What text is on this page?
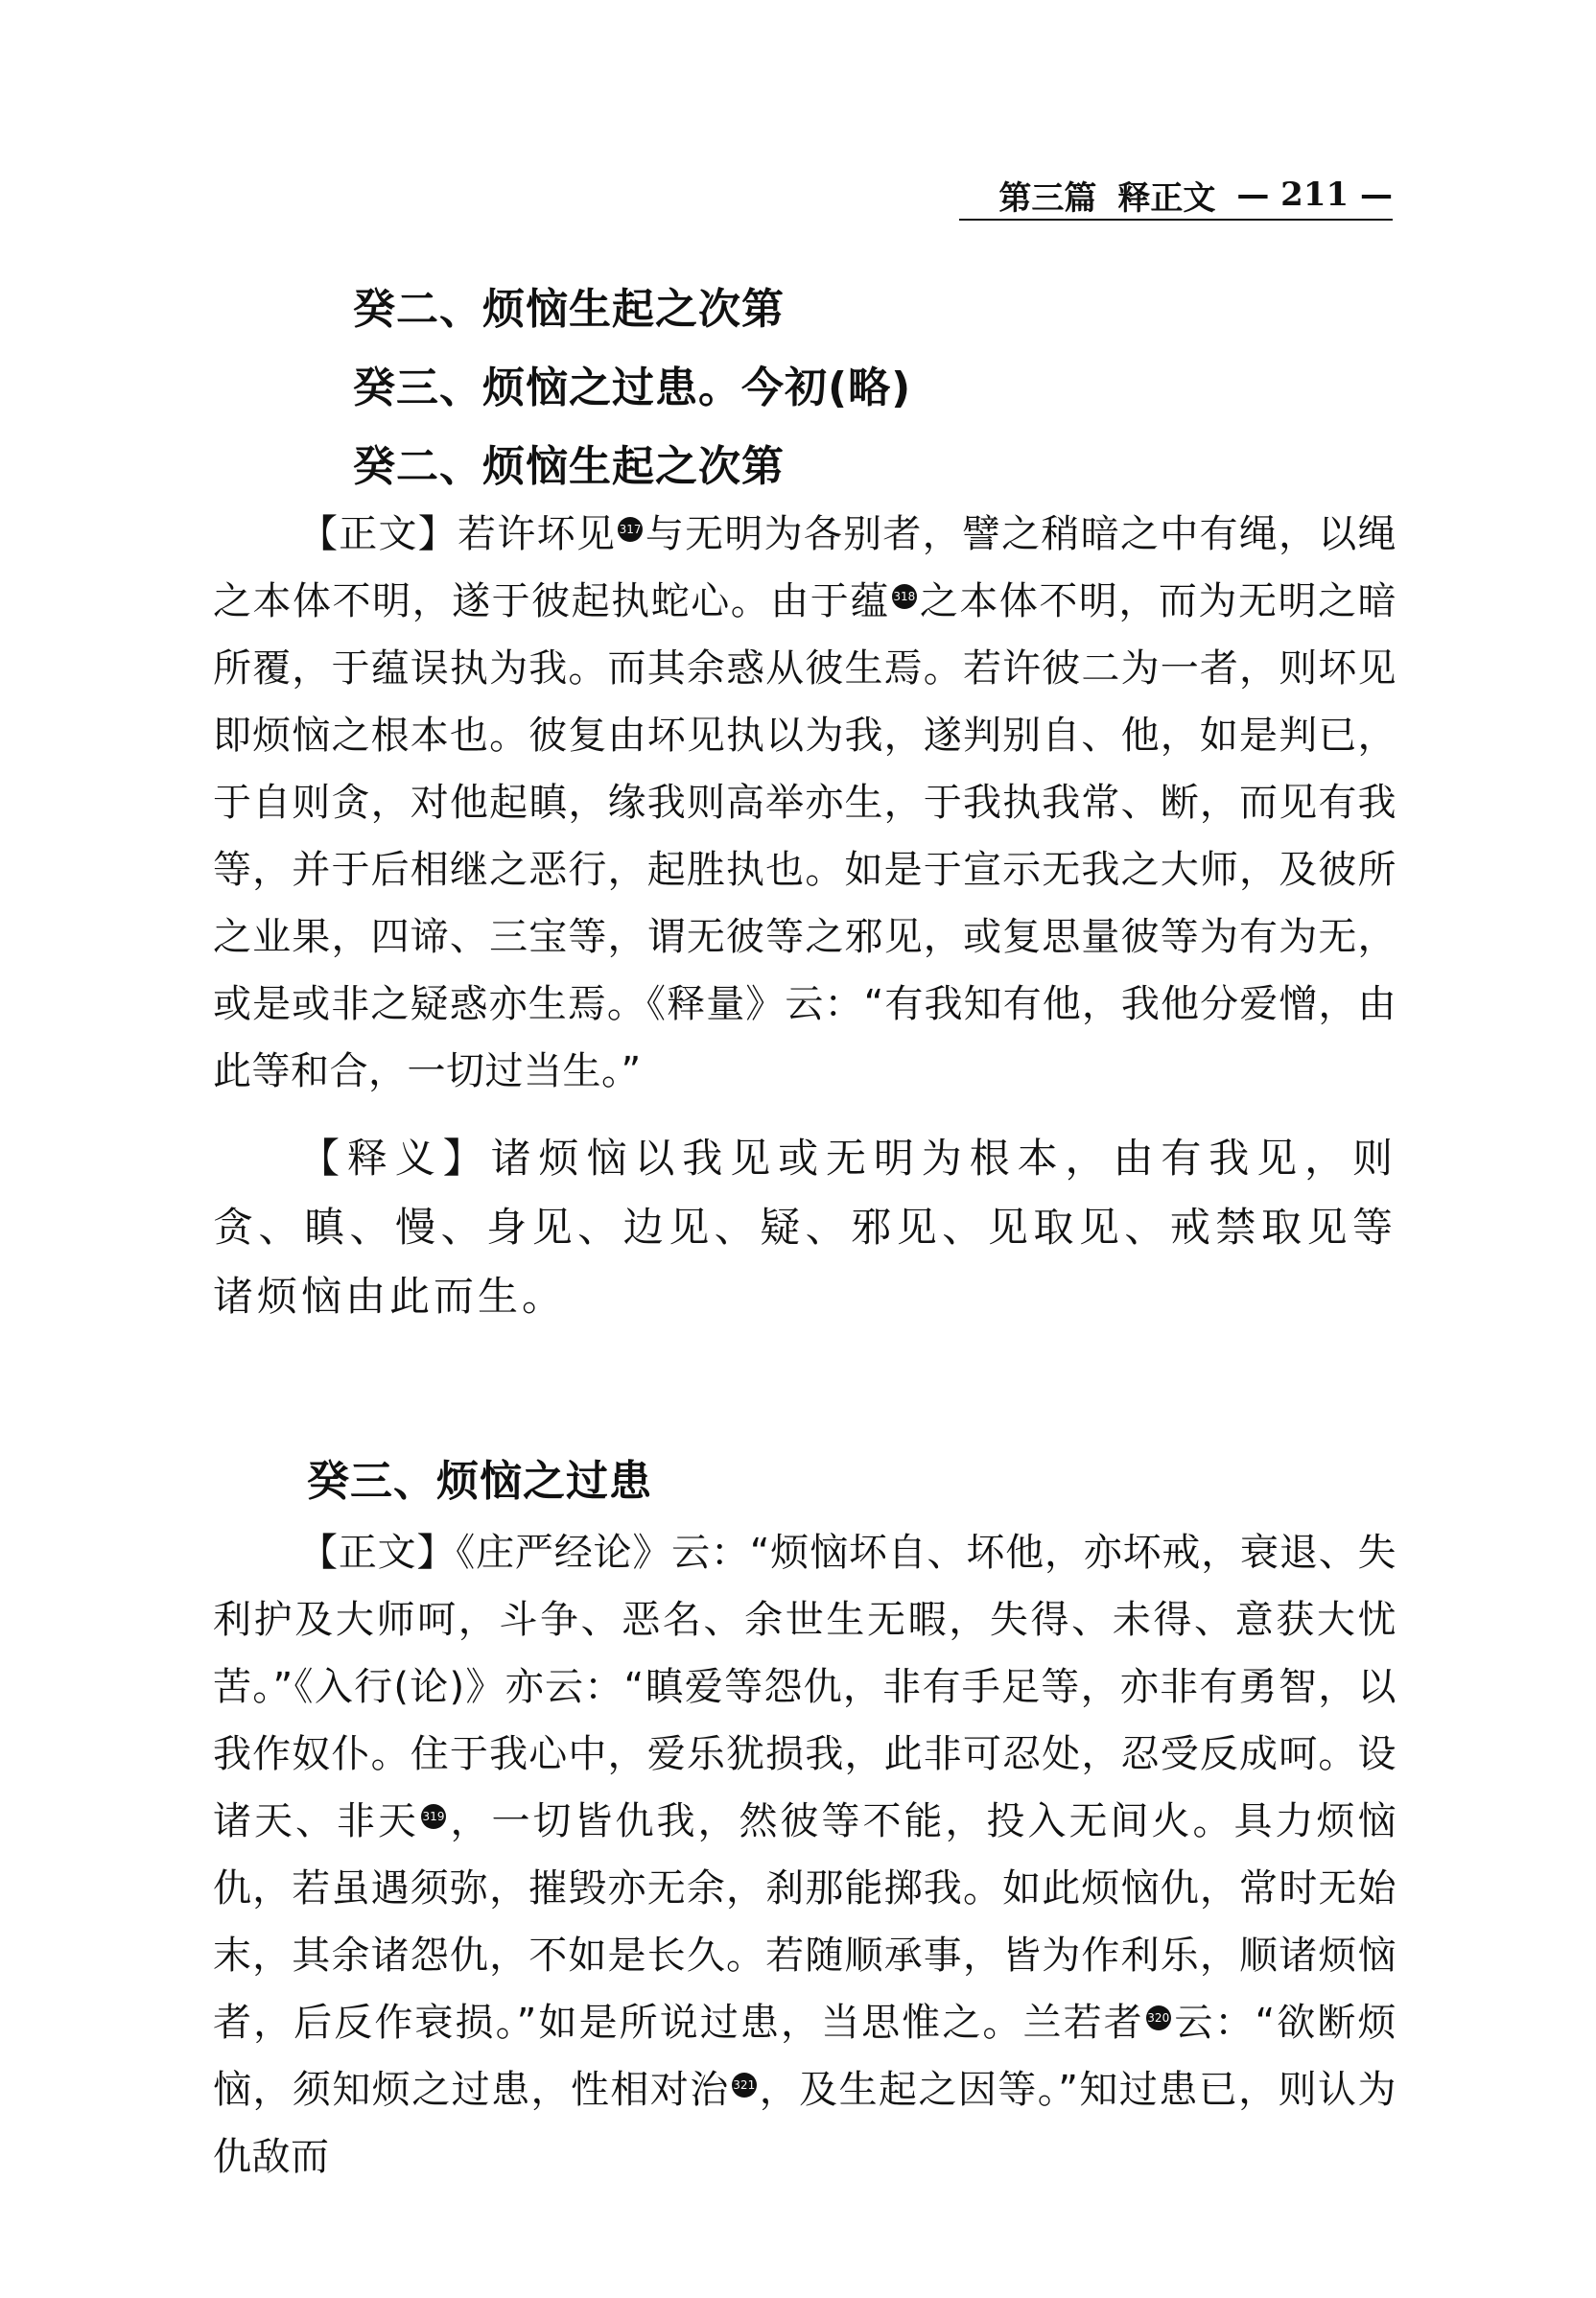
第三篇 释正文 — 211 —
癸二、烦恼生起之次第
癸三、烦恼之过患。今初(略)
癸二、烦恼生起之次第
【正文】若许坏见 317与无明为各别者，譬之稍暗之中有绳，以绳之本体不明，遂于彼起执蛇心。由于蕴 318之本体不明，而为无明之暗所覆，于蕴误执为我。而其余惑从彼生焉。若许彼二为一者，则坏见即烦恼之根本也。彼复由坏见执以为我，遂判别自、他，如是判已，于自则贪，对他起瞋，缘我则高举亦生，于我执我常、断，而见有我等，并于后相继之恶行，起胜执也。如是于宣示无我之大师，及彼所之业果，四谛、三宝等，谓无彼等之邪见，或复思量彼等为有为无，或是或非之疑惑亦生焉。《释量》云：“有我知有他，我他分爱憎，由此等和合，一切过当生。”
【释义】诸烦恼以我见或无明为根本，由有我见，则贪、瞋、慢、身见、边见、疑、邪见、见取见、戒禁取见等诸烦恼由此而生。
癸三、烦恼之过患
【正文】《庄严经论》云：“烦恼坏自、坏他，亦坏戒，衰退、失利护及大师呵，斗争、恶名、余世生无暇，失得、未得、意获大忧苦。”《入行(论)》亦云：“瞋爱等怨仇，非有手足等，亦非有勇智，以我作奴仆。住于我心中，爱乐犹损我，此非可忍处，忍受反成呵。设诸天、非天 319，一切皆仇我，然彼等不能，投入无间火。具力烦恼仇，若虽遇须弥，摧毁亦无余，刹那能掷我。如此烦恼仇，常时无始末，其余诸怨仇，不如是长久。若随顺承事，皆为作利乐，顺诸烦恼者，后反作衰损。”如是所说过患，当思惟之。兰若者 320云：“欲断烦恼，须知烦之过患，性相对治 321，及生起之因等。”知过患已，则认为仇敌而
